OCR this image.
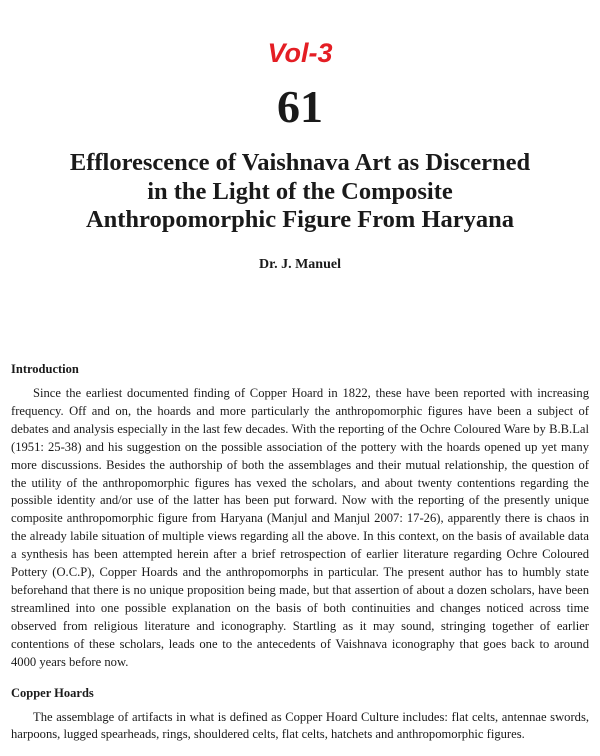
Vol-3
61
Efflorescence of Vaishnava Art as Discerned
in the Light of the Composite
Anthropomorphic Figure From Haryana
Dr. J. Manuel
Introduction

Since the earliest documented finding of Copper Hoard in 1822, these have been reported with increasing frequency. Off and on, the hoards and more particularly the anthropomorphic figures have been a subject of debates and analysis especially in the last few decades. With the reporting of the Ochre Coloured Ware by B.B.Lal (1951: 25-38) and his suggestion on the possible association of the pottery with the hoards opened up yet many more discussions. Besides the authorship of both the assemblages and their mutual relationship, the question of the utility of the anthropomorphic figures has vexed the scholars, and about twenty contentions regarding the possible identity and/or use of the latter has been put forward. Now with the reporting of the presently unique composite anthropomorphic figure from Haryana (Manjul and Manjul 2007: 17-26), apparently there is chaos in the already labile situation of multiple views regarding all the above. In this context, on the basis of available data a synthesis has been attempted herein after a brief retrospection of earlier literature regarding Ochre Coloured Pottery (O.C.P), Copper Hoards and the anthropomorphs in particular. The present author has to humbly state beforehand that there is no unique proposition being made, but that assertion of about a dozen scholars, have been streamlined into one possible explanation on the basis of both continuities and changes noticed across time observed from religious literature and iconography. Startling as it may sound, stringing together of earlier contentions of these scholars, leads one to the antecedents of Vaishnava iconography that goes back to around 4000 years before now.

Copper Hoards

The assemblage of artifacts in what is defined as Copper Hoard Culture includes: flat celts, antennae swords, harpoons, lugged spearheads, rings, shouldered celts, flat celts, hatchets and anthropomorphic figures.
